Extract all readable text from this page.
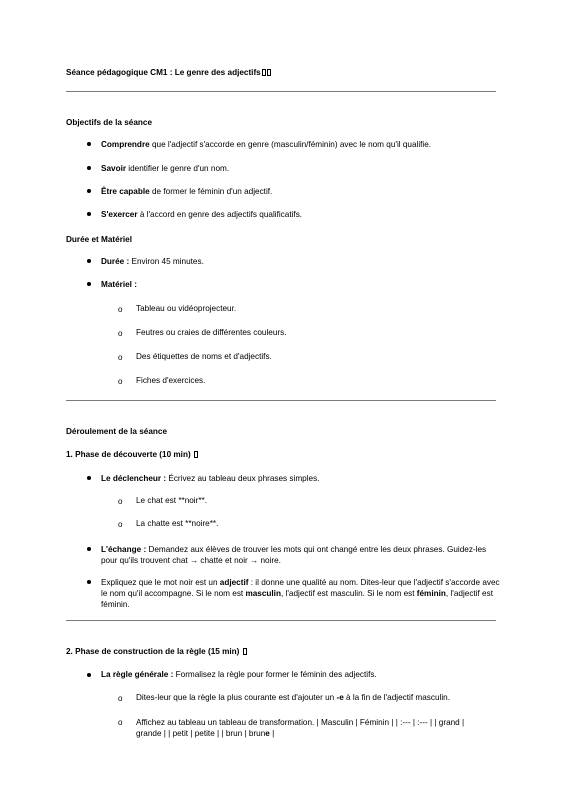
Séance pédagogique CM1 : Le genre des adjectifs
Objectifs de la séance
Comprendre que l'adjectif s'accorde en genre (masculin/féminin) avec le nom qu'il qualifie.
Savoir identifier le genre d'un nom.
Être capable de former le féminin d'un adjectif.
S'exercer à l'accord en genre des adjectifs qualificatifs.
Durée et Matériel
Durée : Environ 45 minutes.
Matériel :
o Tableau ou vidéoprojecteur.
o Feutres ou craies de différentes couleurs.
o Des étiquettes de noms et d'adjectifs.
o Fiches d'exercices.
Déroulement de la séance
1. Phase de découverte (10 min)
Le déclencheur : Écrivez au tableau deux phrases simples.
o Le chat est **noir**.
o La chatte est **noire**.
L'échange : Demandez aux élèves de trouver les mots qui ont changé entre les deux phrases. Guidez-les pour qu'ils trouvent chat → chatte et noir → noire.
Expliquez que le mot noir est un adjectif : il donne une qualité au nom. Dites-leur que l'adjectif s'accorde avec le nom qu'il accompagne. Si le nom est masculin, l'adjectif est masculin. Si le nom est féminin, l'adjectif est féminin.
2. Phase de construction de la règle (15 min)
La règle générale : Formalisez la règle pour former le féminin des adjectifs.
o Dites-leur que la règle la plus courante est d'ajouter un -e à la fin de l'adjectif masculin.
o Affichez au tableau un tableau de transformation. | Masculin | Féminin | | :--- | :--- | | grand | grande | | petit | petite | | brun | brune |
